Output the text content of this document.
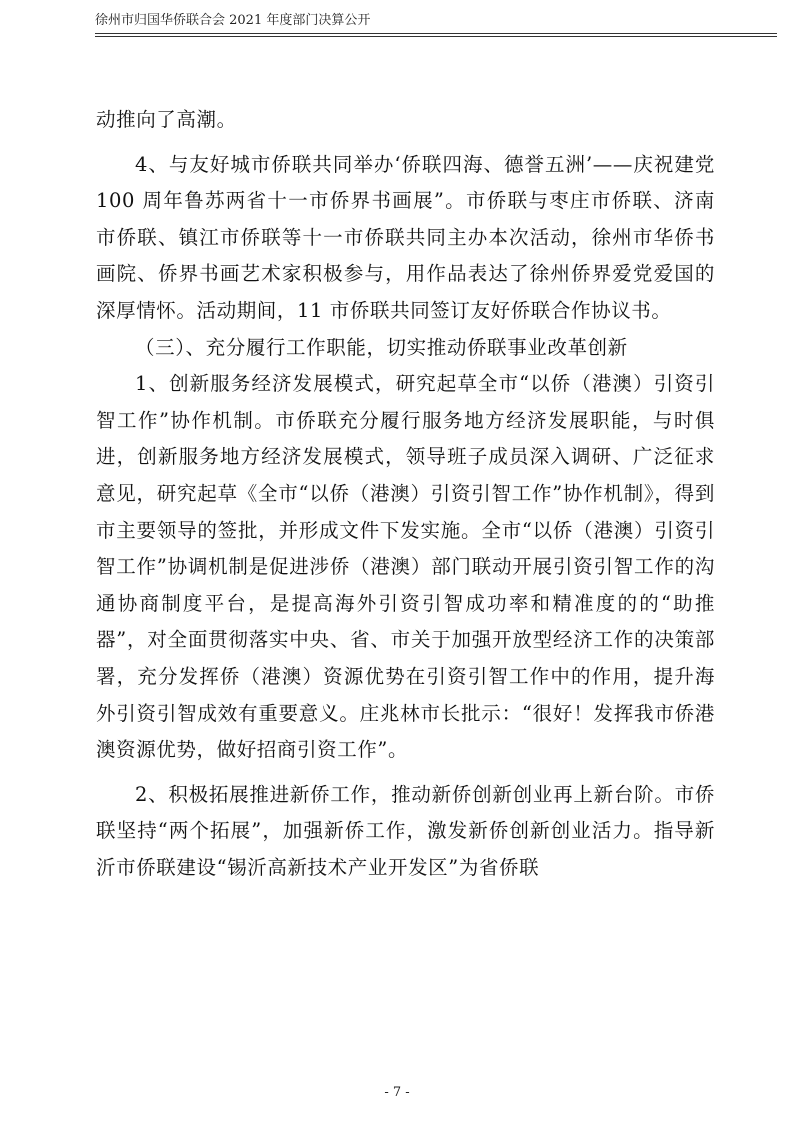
徐州市归国华侨联合会 2021 年度部门决算公开

动推向了高潮。

4、与友好城市侨联共同举办‘侨联四海、德誉五洲’——庆祝建党 100 周年鲁苏两省十一市侨界书画展”。市侨联与枣庄市侨联、济南市侨联、镇江市侨联等十一市侨联共同主办本次活动，徐州市华侨书画院、侨界书画艺术家积极参与，用作品表达了徐州侨界爱党爱国的深厚情怀。活动期间，11 市侨联共同签订友好侨联合作协议书。

（三）、充分履行工作职能，切实推动侨联事业改革创新

1、创新服务经济发展模式，研究起草全市“以侨（港澳）引资引智工作”协作机制。市侨联充分履行服务地方经济发展职能，与时俱进，创新服务地方经济发展模式，领导班子成员深入调研、广泛征求意见，研究起草《全市“以侨（港澳）引资引智工作”协作机制》，得到市主要领导的签批，并形成文件下发实施。全市“以侨（港澳）引资引智工作”协调机制是促进涉侨（港澳）部门联动开展引资引智工作的沟通协商制度平台，是提高海外引资引智成功率和精准度的的“助推器”，对全面贯彻落实中央、省、市关于加强开放型经济工作的决策部署，充分发挥侨（港澳）资源优势在引资引智工作中的作用，提升海外引资引智成效有重要意义。庄兆林市长批示：“很好！发挥我市侨港澳资源优势，做好招商引资工作”。

2、积极拓展推进新侨工作，推动新侨创新创业再上新台阶。市侨联坚持“两个拓展”，加强新侨工作，激发新侨创新创业活力。指导新沂市侨联建设“锡沂高新技术产业开发区”为省侨联

- 7 -
